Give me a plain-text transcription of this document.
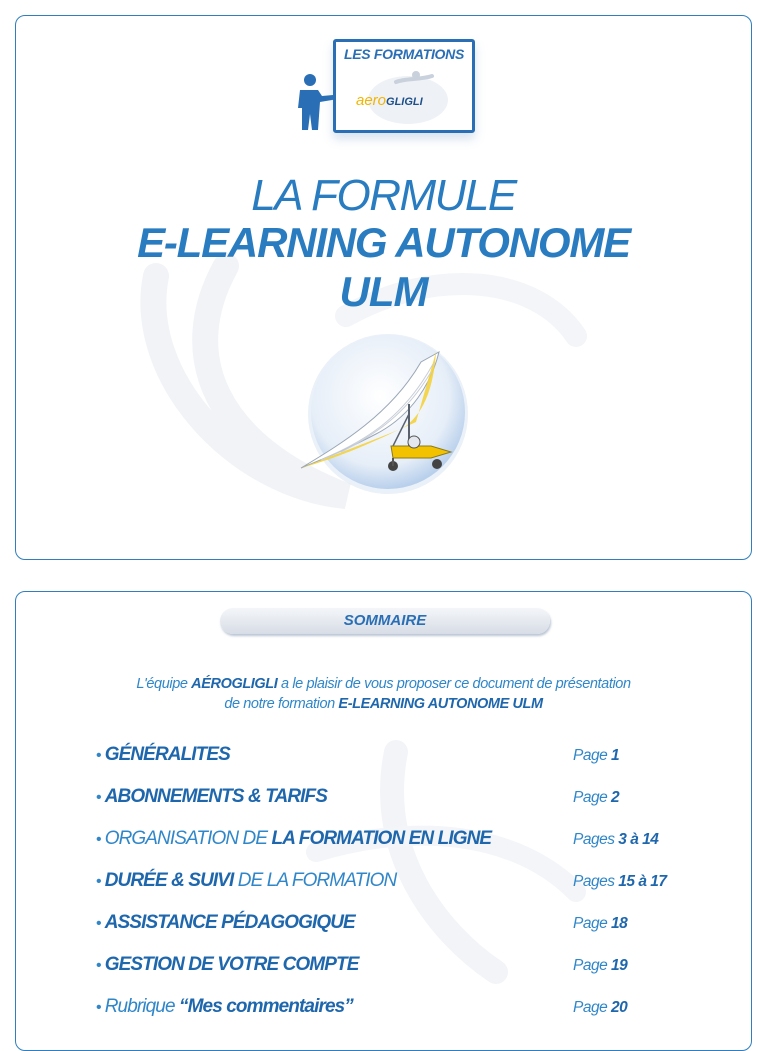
LES FORMATIONS
aeroGLIGLI
LA FORMULE
E-LEARNING AUTONOME
ULM
SOMMAIRE
L'équipe AÉROGLIGLI a le plaisir de vous proposer ce document de présentation
de notre formation E-LEARNING AUTONOME ULM
• GÉNÉRALITES	Page 1
• ABONNEMENTS & TARIFS	Page 2
• ORGANISATION DE LA FORMATION EN LIGNE	Pages 3 à 14
• DURÉE & SUIVI DE LA FORMATION	Pages 15 à 17
• ASSISTANCE PÉDAGOGIQUE	Page 18
• GESTION DE VOTRE COMPTE	Page 19
• Rubrique “Mes commentaires”	Page 20
